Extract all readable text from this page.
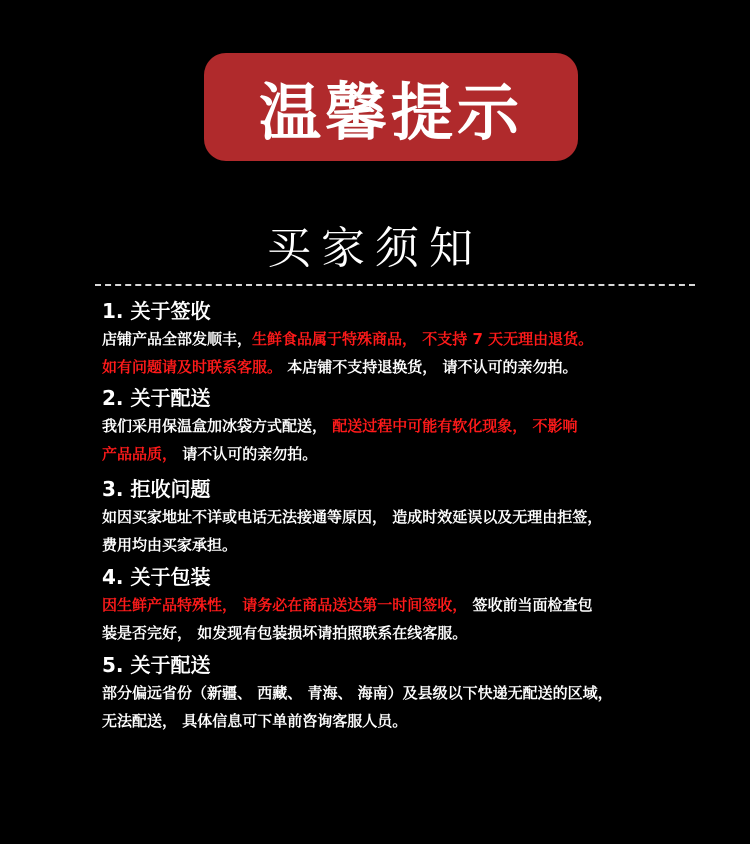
温馨提示
买家须知
1. 关于签收
店铺产品全部发顺丰，生鲜食品属于特殊商品， 不支持 7 天无理由退货。
如有问题请及时联系客服。 本店铺不支持退换货， 请不认可的亲勿拍。
2. 关于配送
我们采用保温盒加冰袋方式配送， 配送过程中可能有软化现象， 不影响
产品品质， 请不认可的亲勿拍。
3. 拒收问题
如因买家地址不详或电话无法接通等原因， 造成时效延误以及无理由拒签，
费用均由买家承担。
4. 关于包装
因生鲜产品特殊性， 请务必在商品送达第一时间签收， 签收前当面检查包
装是否完好， 如发现有包装损坏请拍照联系在线客服。
5. 关于配送
部分偏远省份（新疆、 西藏、 青海、 海南）及县级以下快递无配送的区域，
无法配送， 具体信息可下单前咨询客服人员。
